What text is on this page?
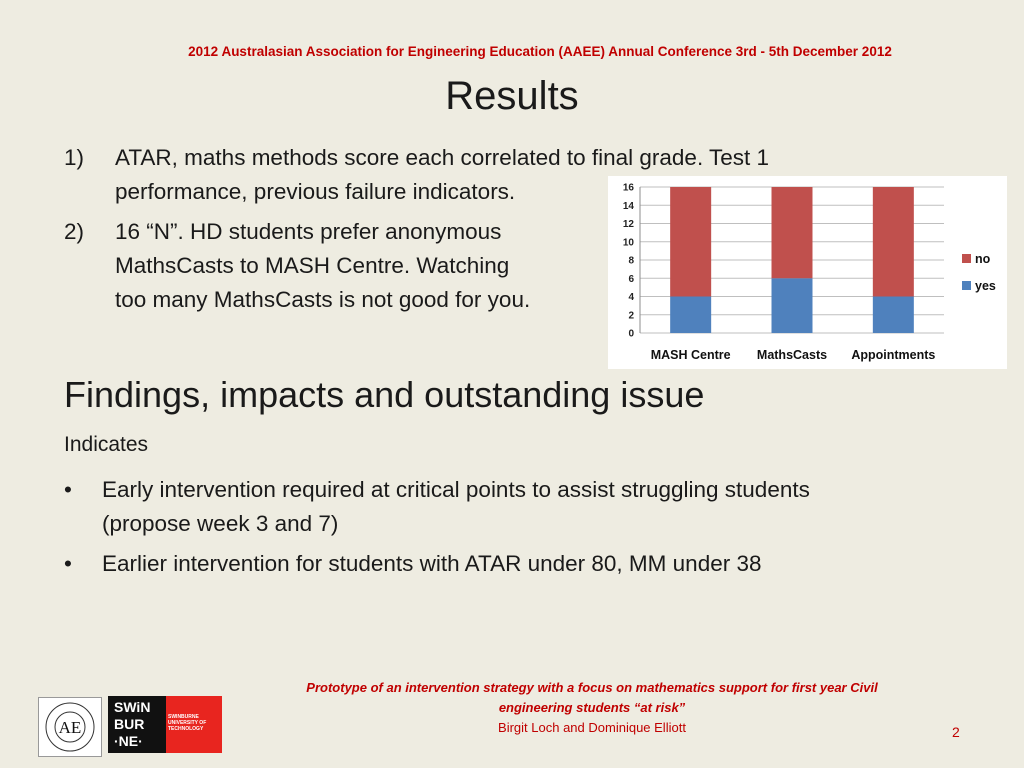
2012 Australasian Association for Engineering Education (AAEE) Annual Conference 3rd - 5th December 2012
Results
1) ATAR, maths methods score each correlated to final grade. Test 1
performance, previous failure indicators.
2) 16 “N”. HD students prefer anonymous
MathsCasts to MASH Centre. Watching
too many MathsCasts is not good for you.
0
2
4
6
8
10
12
14
16
MASH Centre MathsCasts Appointments
no
yes
Findings, impacts and outstanding issue
Indicates
• Early intervention required at critical points to assist struggling students
(propose week 3 and 7)
• Earlier intervention for students with ATAR under 80, MM under 38
AE
SWiN
BUR
·NE·
SWINBURNE UNIVERSITY OF TECHNOLOGY
Prototype of an intervention strategy with a focus on mathematics support for first year Civil
engineering students “at risk”
Birgit Loch and Dominique Elliott	2
